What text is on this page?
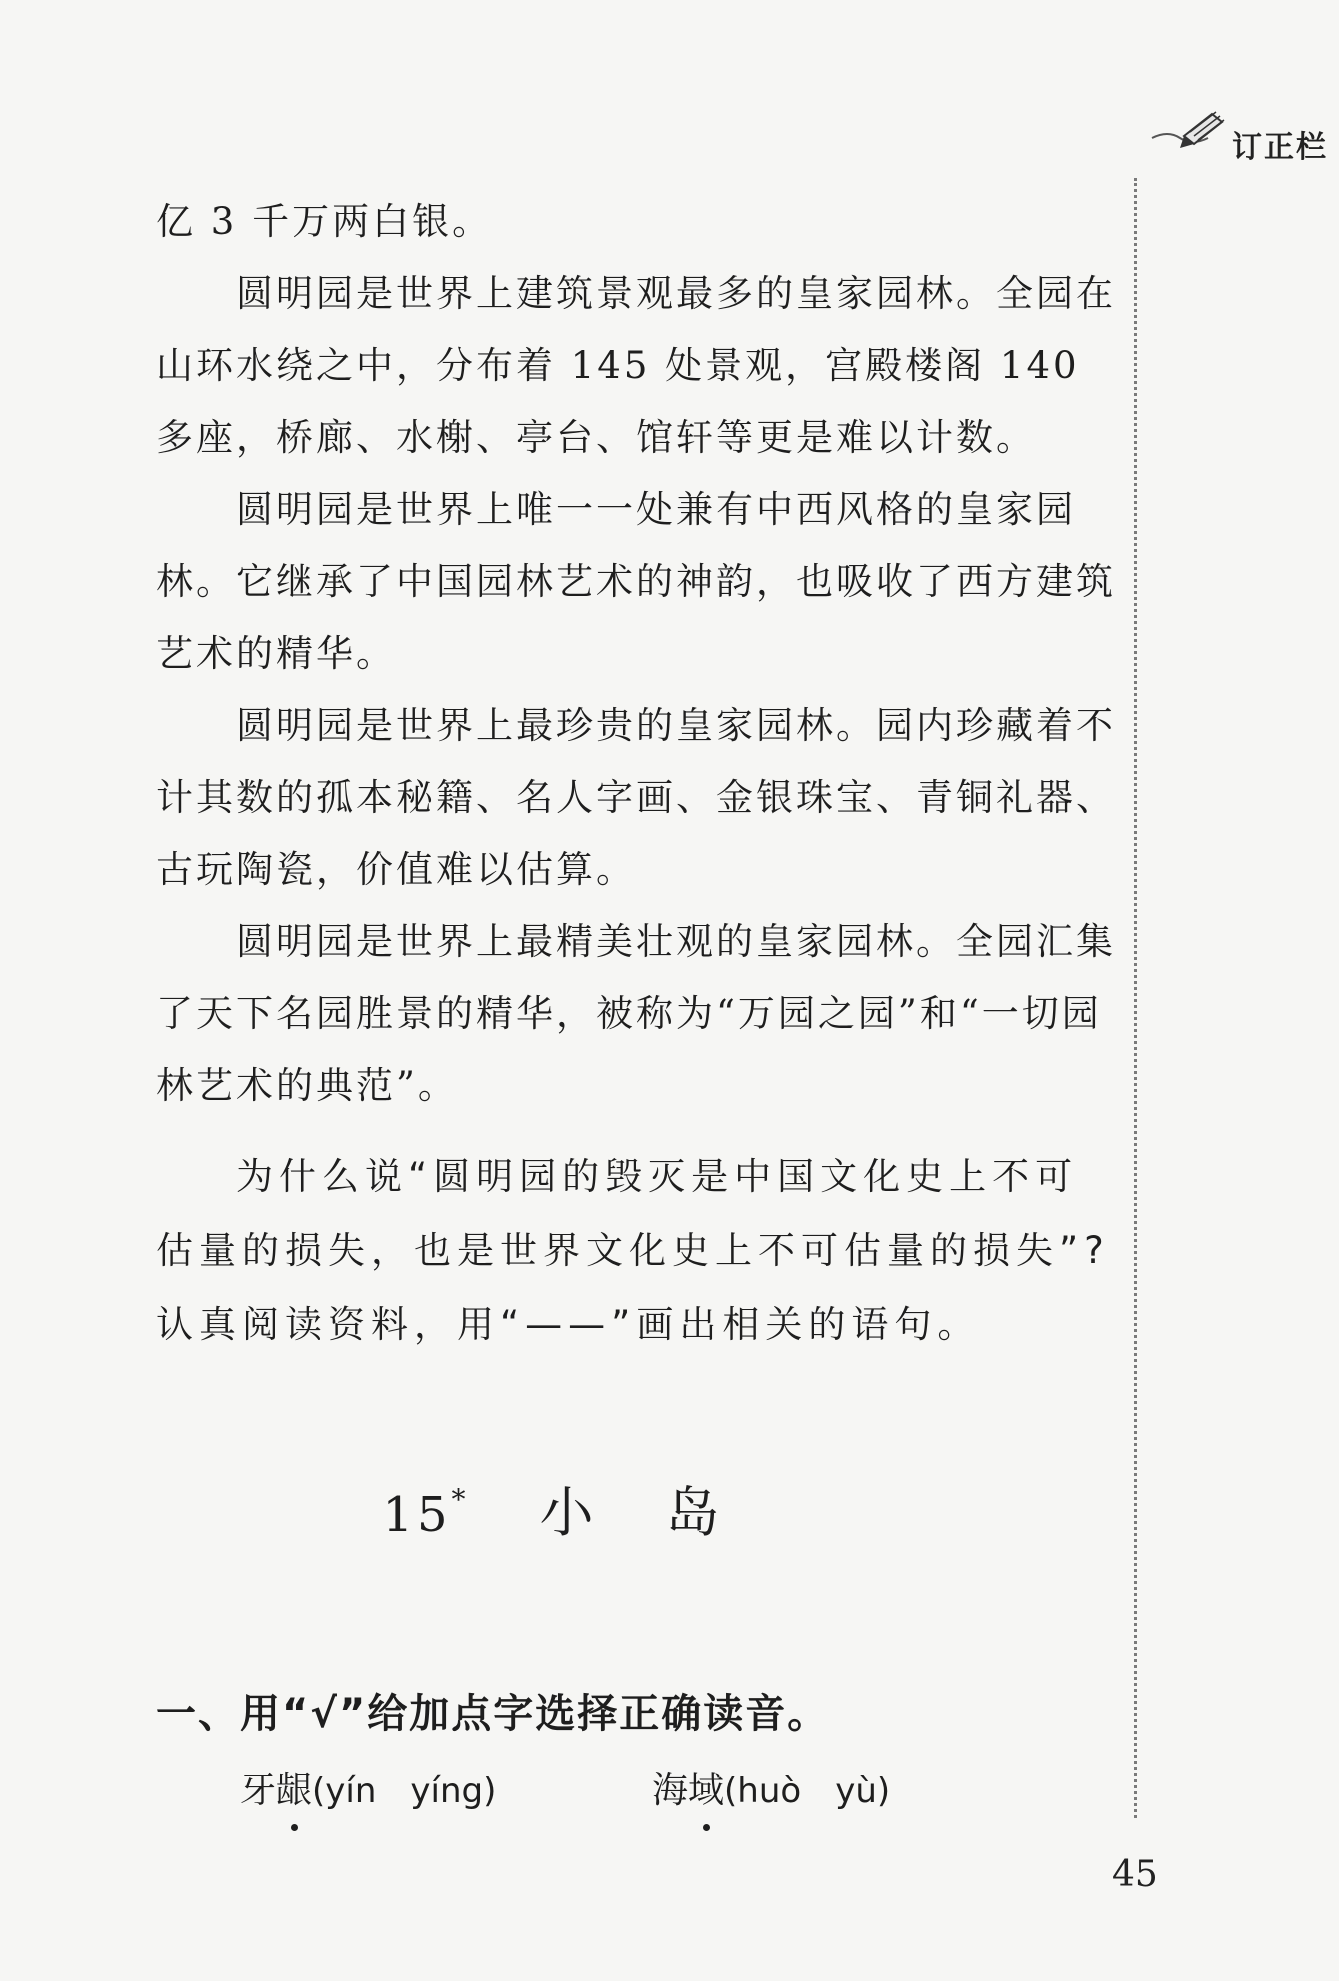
订正栏

亿 3 千万两白银。

圆明园是世界上建筑景观最多的皇家园林。全园在山环水绕之中，分布着 145 处景观，宫殿楼阁 140 多座，桥廊、水榭、亭台、馆轩等更是难以计数。

圆明园是世界上唯一一处兼有中西风格的皇家园林。它继承了中国园林艺术的神韵，也吸收了西方建筑艺术的精华。

圆明园是世界上最珍贵的皇家园林。园内珍藏着不计其数的孤本秘籍、名人字画、金银珠宝、青铜礼器、古玩陶瓷，价值难以估算。

圆明园是世界上最精美壮观的皇家园林。全园汇集了天下名园胜景的精华，被称为“万园之园”和“一切园林艺术的典范”。

为什么说“圆明园的毁灭是中国文化史上不可估量的损失，也是世界文化史上不可估量的损失”?认真阅读资料，用“——”画出相关的语句。

15* 小 岛
一、用“√”给加点字选择正确读音。
牙龈(yín　yíng)	海域(huò　yù)
45
